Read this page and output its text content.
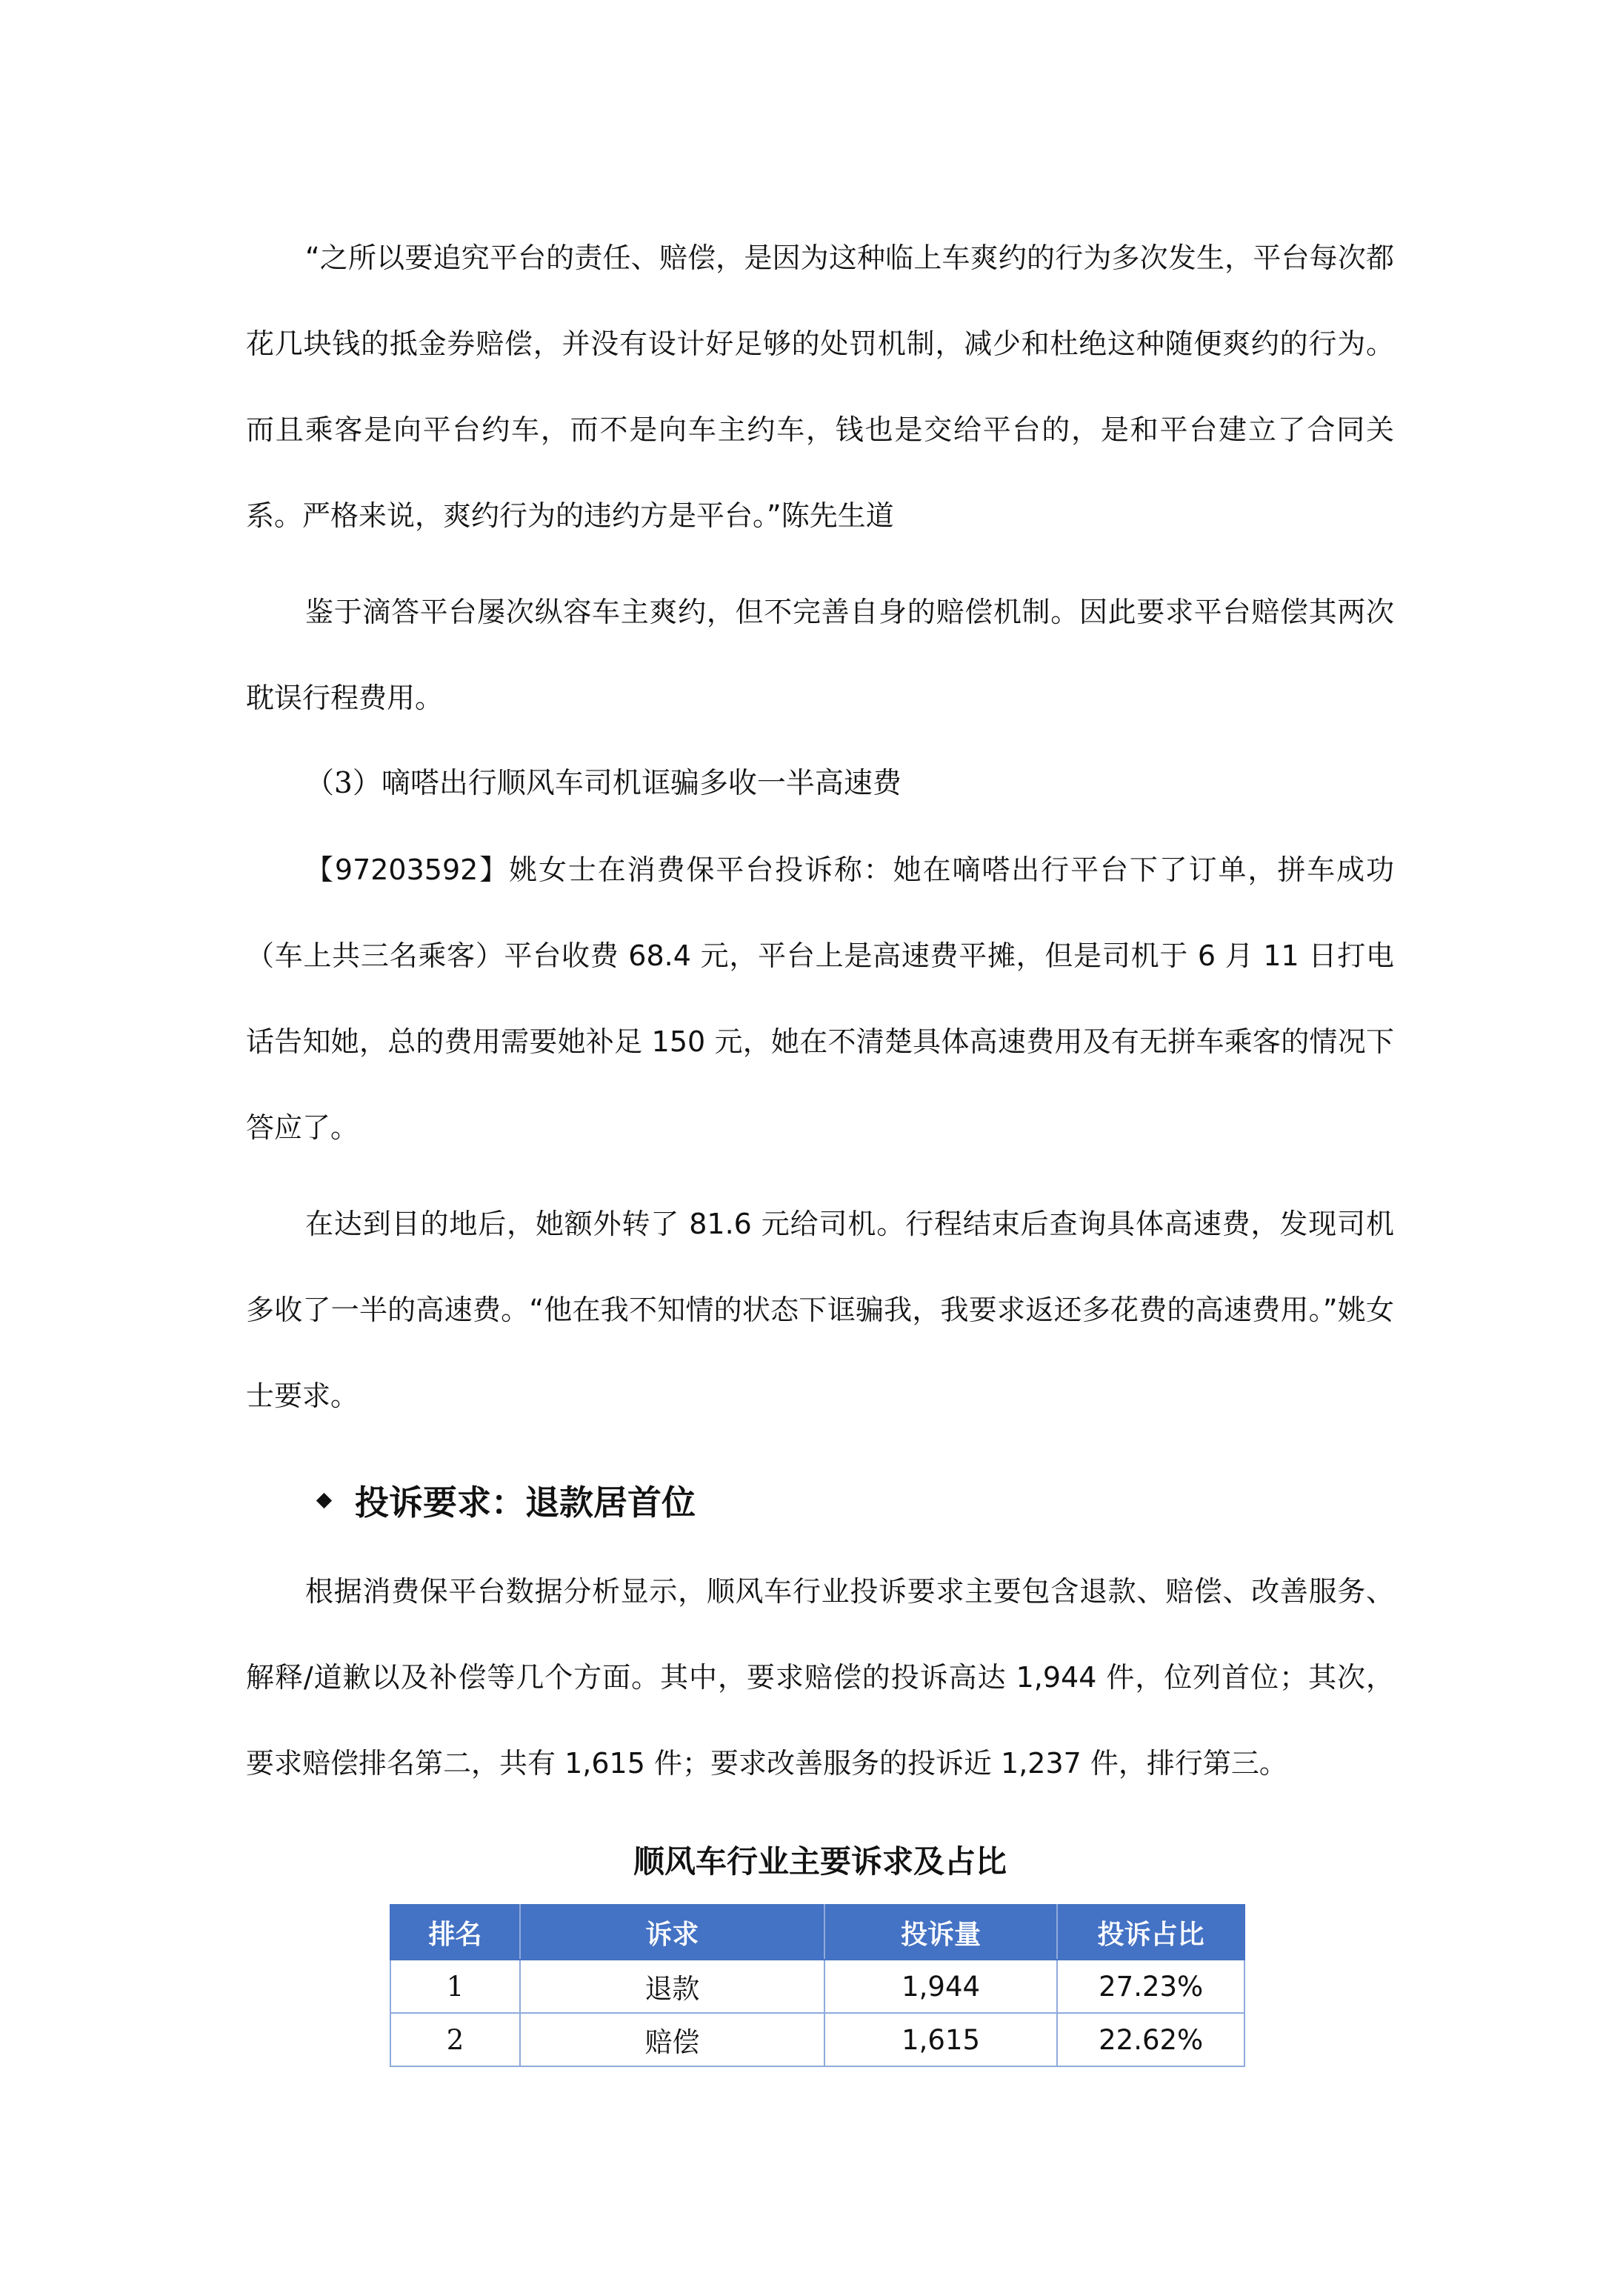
“之所以要追究平台的责任、赔偿，是因为这种临上车爽约的行为多次发生，平台每次都花几块钱的抵金券赔偿，并没有设计好足够的处罚机制，减少和杜绝这种随便爽约的行为。而且乘客是向平台约车，而不是向车主约车，钱也是交给平台的，是和平台建立了合同关系。严格来说，爽约行为的违约方是平台。”陈先生道

鉴于滴答平台屡次纵容车主爽约，但不完善自身的赔偿机制。因此要求平台赔偿其两次耽误行程费用。

（3）嘀嗒出行顺风车司机诓骗多收一半高速费

【97203592】姚女士在消费保平台投诉称：她在嘀嗒出行平台下了订单，拼车成功（车上共三名乘客）平台收费 68.4 元，平台上是高速费平摊，但是司机于 6 月 11 日打电话告知她，总的费用需要她补足 150 元，她在不清楚具体高速费用及有无拼车乘客的情况下答应了。

在达到目的地后，她额外转了 81.6 元给司机。行程结束后查询具体高速费，发现司机多收了一半的高速费。“他在我不知情的状态下诓骗我，我要求返还多花费的高速费用。”姚女士要求。

投诉要求：退款居首位

根据消费保平台数据分析显示，顺风车行业投诉要求主要包含退款、赔偿、改善服务、解释/道歉以及补偿等几个方面。其中，要求赔偿的投诉高达 1,944 件，位列首位；其次，要求赔偿排名第二，共有 1,615 件；要求改善服务的投诉近 1,237 件，排行第三。

顺风车行业主要诉求及占比
排名	诉求	投诉量	投诉占比
1	退款	1,944	27.23%
2	赔偿	1,615	22.62%
